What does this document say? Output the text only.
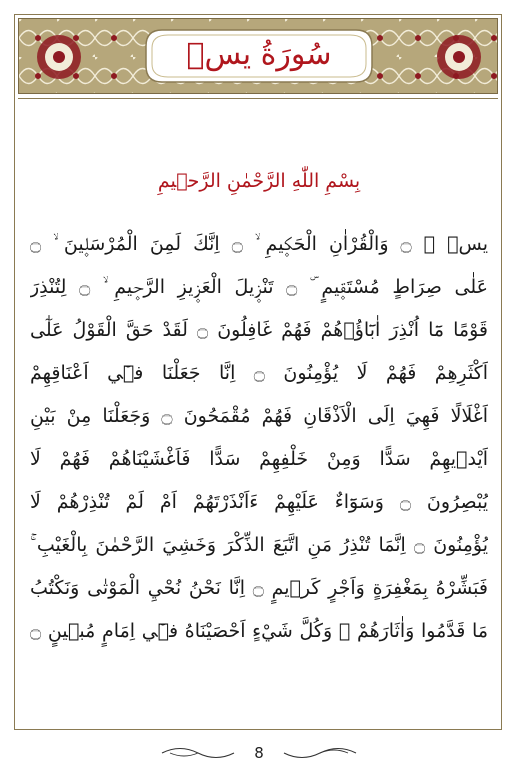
سُورَةُ يسۤ
بِسْمِ اللّٰهِ الرَّحْمٰنِ الرَّح۪يمِ
يسۤ ۚ ۝ وَالْقُرْاٰنِ الْحَك۪يمِ ۙ ۝ اِنَّكَ لَمِنَ الْمُرْسَل۪ينَ ۙ ۝
عَلٰى صِرَاطٍ مُسْتَق۪يمٍ ۜ ۝ تَنْز۪يلَ الْعَز۪يزِ الرَّح۪يمِ ۙ ۝ لِتُنْذِرَ
قَوْمًا مَٓا اُنْذِرَ اٰبَٓاؤُ۬هُمْ فَهُمْ غَافِلُونَ ۝ لَقَدْ حَقَّ الْقَوْلُ عَلٰٓى
اَكْثَرِهِمْ فَهُمْ لَا يُؤْمِنُونَ ۝ اِنَّا جَعَلْنَا ف۪ٓي اَعْنَاقِهِمْ
اَغْلَالًا فَهِيَ اِلَى الْاَذْقَانِ فَهُمْ مُقْمَحُونَ ۝ وَجَعَلْنَا مِنْ بَيْنِ
اَيْد۪يهِمْ سَدًّا وَمِنْ خَلْفِهِمْ سَدًّا فَاَغْشَيْنَاهُمْ فَهُمْ لَا
يُبْصِرُونَ ۝ وَسَوَٓاءٌ عَلَيْهِمْ ءَاَنْذَرْتَهُمْ اَمْ لَمْ تُنْذِرْهُمْ لَا
يُؤْمِنُونَ ۝ اِنَّمَا تُنْذِرُ مَنِ اتَّبَعَ الذِّكْرَ وَخَشِيَ الرَّحْمٰنَ بِالْغَيْبِ ۚ
فَبَشِّرْهُ بِمَغْفِرَةٍ وَاَجْرٍ كَر۪يمٍ ۝ اِنَّا نَحْنُ نُحْيِ الْمَوْتٰى وَنَكْتُبُ
مَا قَدَّمُوا وَاٰثَارَهُمْ ۜ وَكُلَّ شَيْءٍ اَحْصَيْنَاهُ ف۪ٓي اِمَامٍ مُب۪ينٍ ۝
8
